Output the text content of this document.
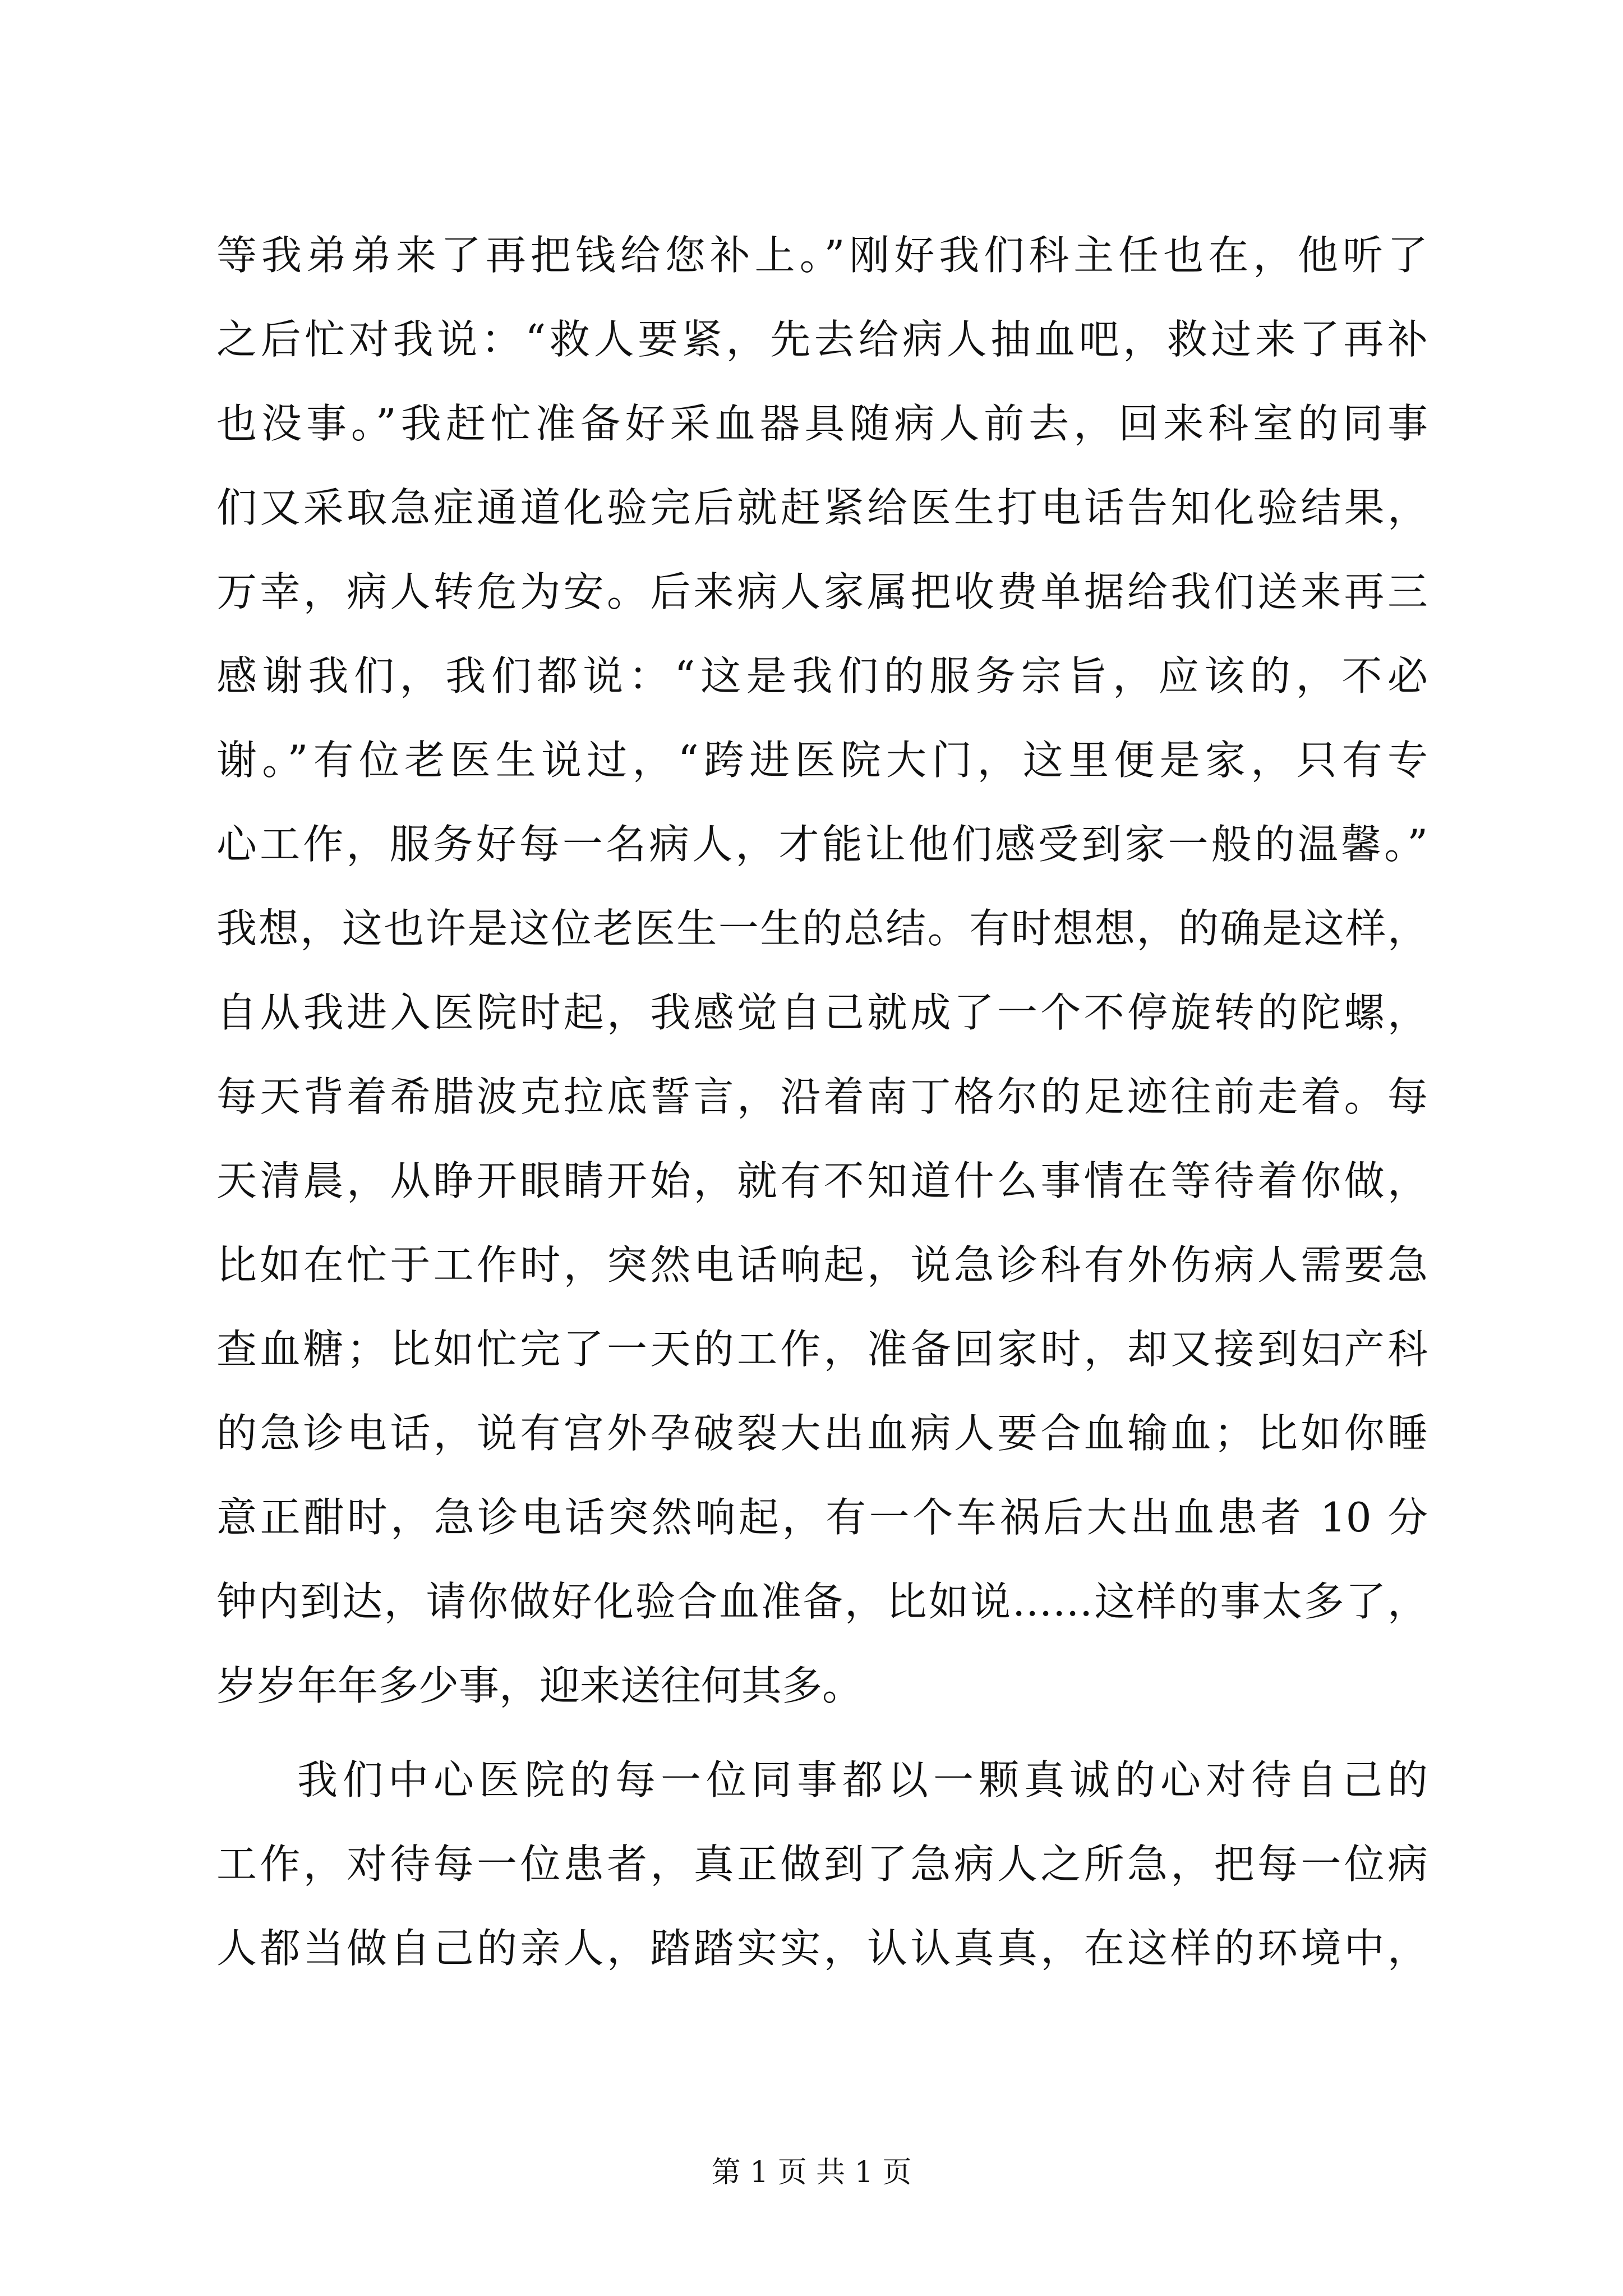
等我弟弟来了再把钱给您补上。”刚好我们科主任也在，他听了
之后忙对我说：“救人要紧，先去给病人抽血吧，救过来了再补
也没事。”我赶忙准备好采血器具随病人前去，回来科室的同事
们又采取急症通道化验完后就赶紧给医生打电话告知化验结果，
万幸，病人转危为安。后来病人家属把收费单据给我们送来再三
感谢我们，我们都说：“这是我们的服务宗旨，应该的，不必
谢。”有位老医生说过，“跨进医院大门，这里便是家，只有专
心工作，服务好每一名病人，才能让他们感受到家一般的温馨。”
我想，这也许是这位老医生一生的总结。有时想想，的确是这样，
自从我进入医院时起，我感觉自己就成了一个不停旋转的陀螺，
每天背着希腊波克拉底誓言，沿着南丁格尔的足迹往前走着。每
天清晨，从睁开眼睛开始，就有不知道什么事情在等待着你做，
比如在忙于工作时，突然电话响起，说急诊科有外伤病人需要急
查血糖；比如忙完了一天的工作，准备回家时，却又接到妇产科
的急诊电话，说有宫外孕破裂大出血病人要合血输血；比如你睡
意正酣时，急诊电话突然响起，有一个车祸后大出血患者 10 分
钟内到达，请你做好化验合血准备，比如说……这样的事太多了，
岁岁年年多少事，迎来送往何其多。
我们中心医院的每一位同事都以一颗真诚的心对待自己的
工作，对待每一位患者，真正做到了急病人之所急，把每一位病
人都当做自己的亲人，踏踏实实，认认真真，在这样的环境中，
第 1 页 共 1 页
